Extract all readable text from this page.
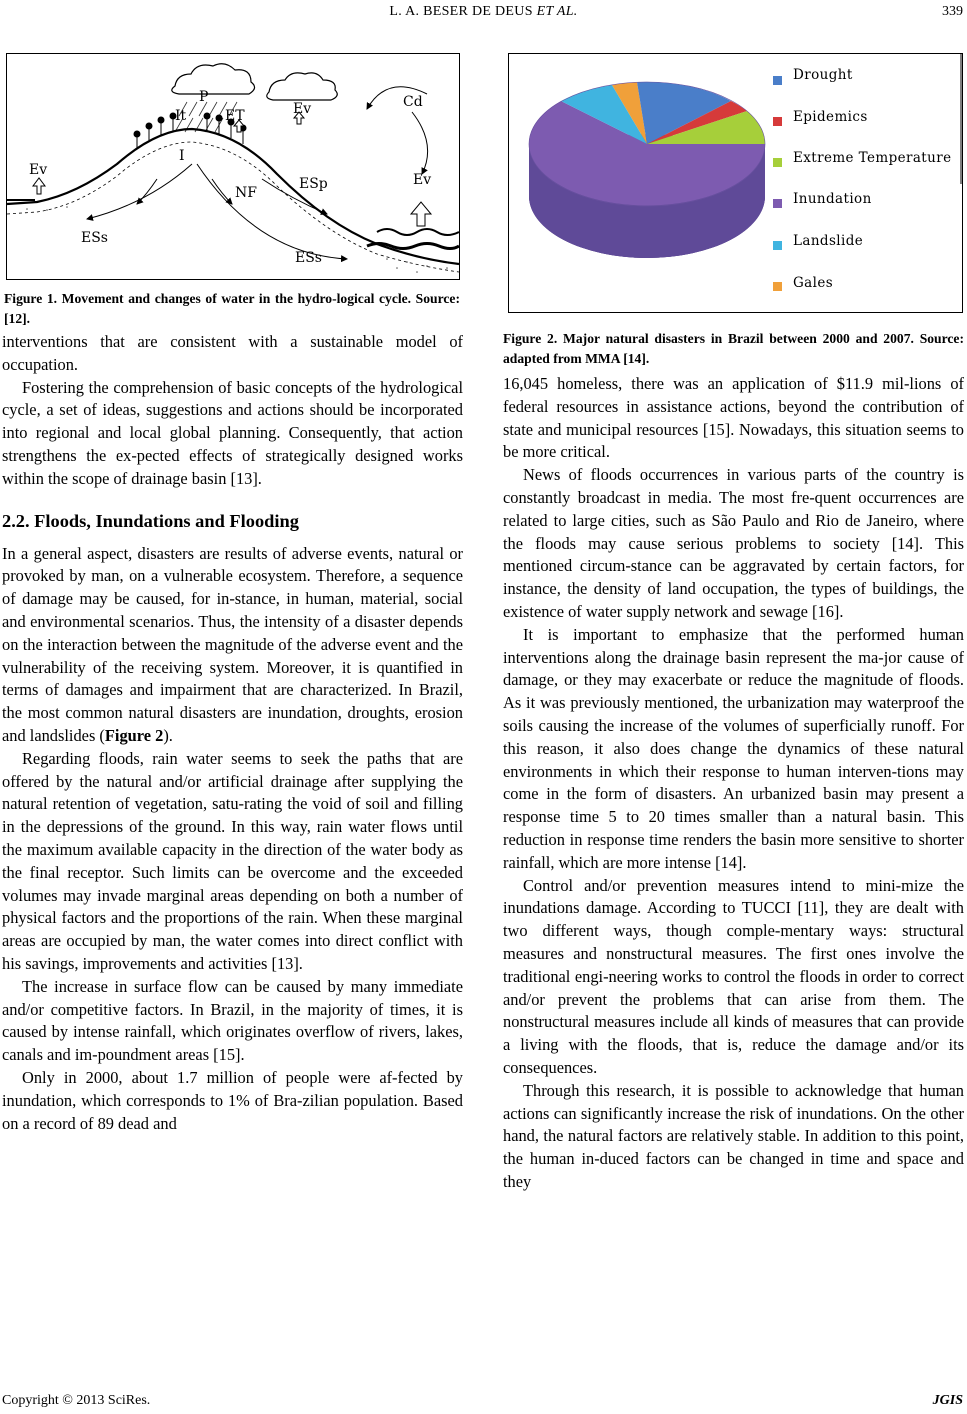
L. A. BESER DE DEUS ET AL.	339
P
It	ET	Ev	Cd
Ev
I
NF
ESp	Ev
ESs
ESs
Figure 1. Movement and changes of water in the hydro-logical cycle. Source: [12].
Drought
Epidemics
Extreme Temperature
Inundation
Landslide
Gales
Figure 2. Major natural disasters in Brazil between 2000 and 2007. Source: adapted from MMA [14].

interventions that are consistent with a sustainable model of occupation.

Fostering the comprehension of basic concepts of the hydrological cycle, a set of ideas, suggestions and actions should be incorporated into regional and local global planning. Consequently, that action strengthens the ex-pected effects of strategically designed works within the scope of drainage basin [13].

2.2. Floods, Inundations and Flooding

In a general aspect, disasters are results of adverse events, natural or provoked by man, on a vulnerable ecosystem. Therefore, a sequence of damage may be caused, for in-stance, in human, material, social and environmental scenarios. Thus, the intensity of a disaster depends on the interaction between the magnitude of the adverse event and the vulnerability of the receiving system. Moreover, it is quantified in terms of damages and impairment that are characterized. In Brazil, the most common natural disasters are inundation, droughts, erosion and landslides (Figure 2).

Regarding floods, rain water seems to seek the paths that are offered by the natural and/or artificial drainage after supplying the natural retention of vegetation, satu-rating the void of soil and filling in the depressions of the ground. In this way, rain water flows until the maximum available capacity in the direction of the water body as the final receptor. Such limits can be overcome and the exceeded volumes may invade marginal areas depending on both a number of physical factors and the proportions of the rain. When these marginal areas are occupied by man, the water comes into direct conflict with his savings, improvements and activities [13].

The increase in surface flow can be caused by many immediate and/or competitive factors. In Brazil, in the majority of times, it is caused by intense rainfall, which originates overflow of rivers, lakes, canals and im-poundment areas [15].

Only in 2000, about 1.7 million of people were af-fected by inundation, which corresponds to 1% of Bra-zilian population. Based on a record of 89 dead and

16,045 homeless, there was an application of $11.9 mil-lions of federal resources in assistance actions, beyond the contribution of state and municipal resources [15]. Nowadays, this situation seems to be more critical.

News of floods occurrences in various parts of the country is constantly broadcast in media. The most fre-quent occurrences are related to large cities, such as São Paulo and Rio de Janeiro, where the floods may cause serious problems to society [14]. This mentioned circum-stance can be aggravated by certain factors, for instance, the density of land occupation, the types of buildings, the existence of water supply network and sewage [16].

It is important to emphasize that the performed human interventions along the drainage basin represent the ma-jor cause of damage, or they may exacerbate or reduce the magnitude of floods. As it was previously mentioned, the urbanization may waterproof the soils causing the increase of the volumes of superficially runoff. For this reason, it also does change the dynamics of these natural environments in which their response to human interven-tions may come in the form of disasters. An urbanized basin may present a response time 5 to 20 times smaller than a natural basin. This reduction in response time renders the basin more sensitive to shorter rainfall, which are more intense [14].

Control and/or prevention measures intend to mini-mize the inundations damage. According to TUCCI [11], they are dealt with two different ways, though comple-mentary ways: structural measures and nonstructural measures. The first ones involve the traditional engi-neering works to control the floods in order to correct and/or prevent the problems that can arise from them. The nonstructural measures include all kinds of measures that can provide a living with the floods, that is, reduce the damage and/or its consequences.

Through this research, it is possible to acknowledge that human actions can significantly increase the risk of inundations. On the other hand, the natural factors are relatively stable. In addition to this point, the human in-duced factors can be changed in time and space and they

Copyright © 2013 SciRes.	JGIS
